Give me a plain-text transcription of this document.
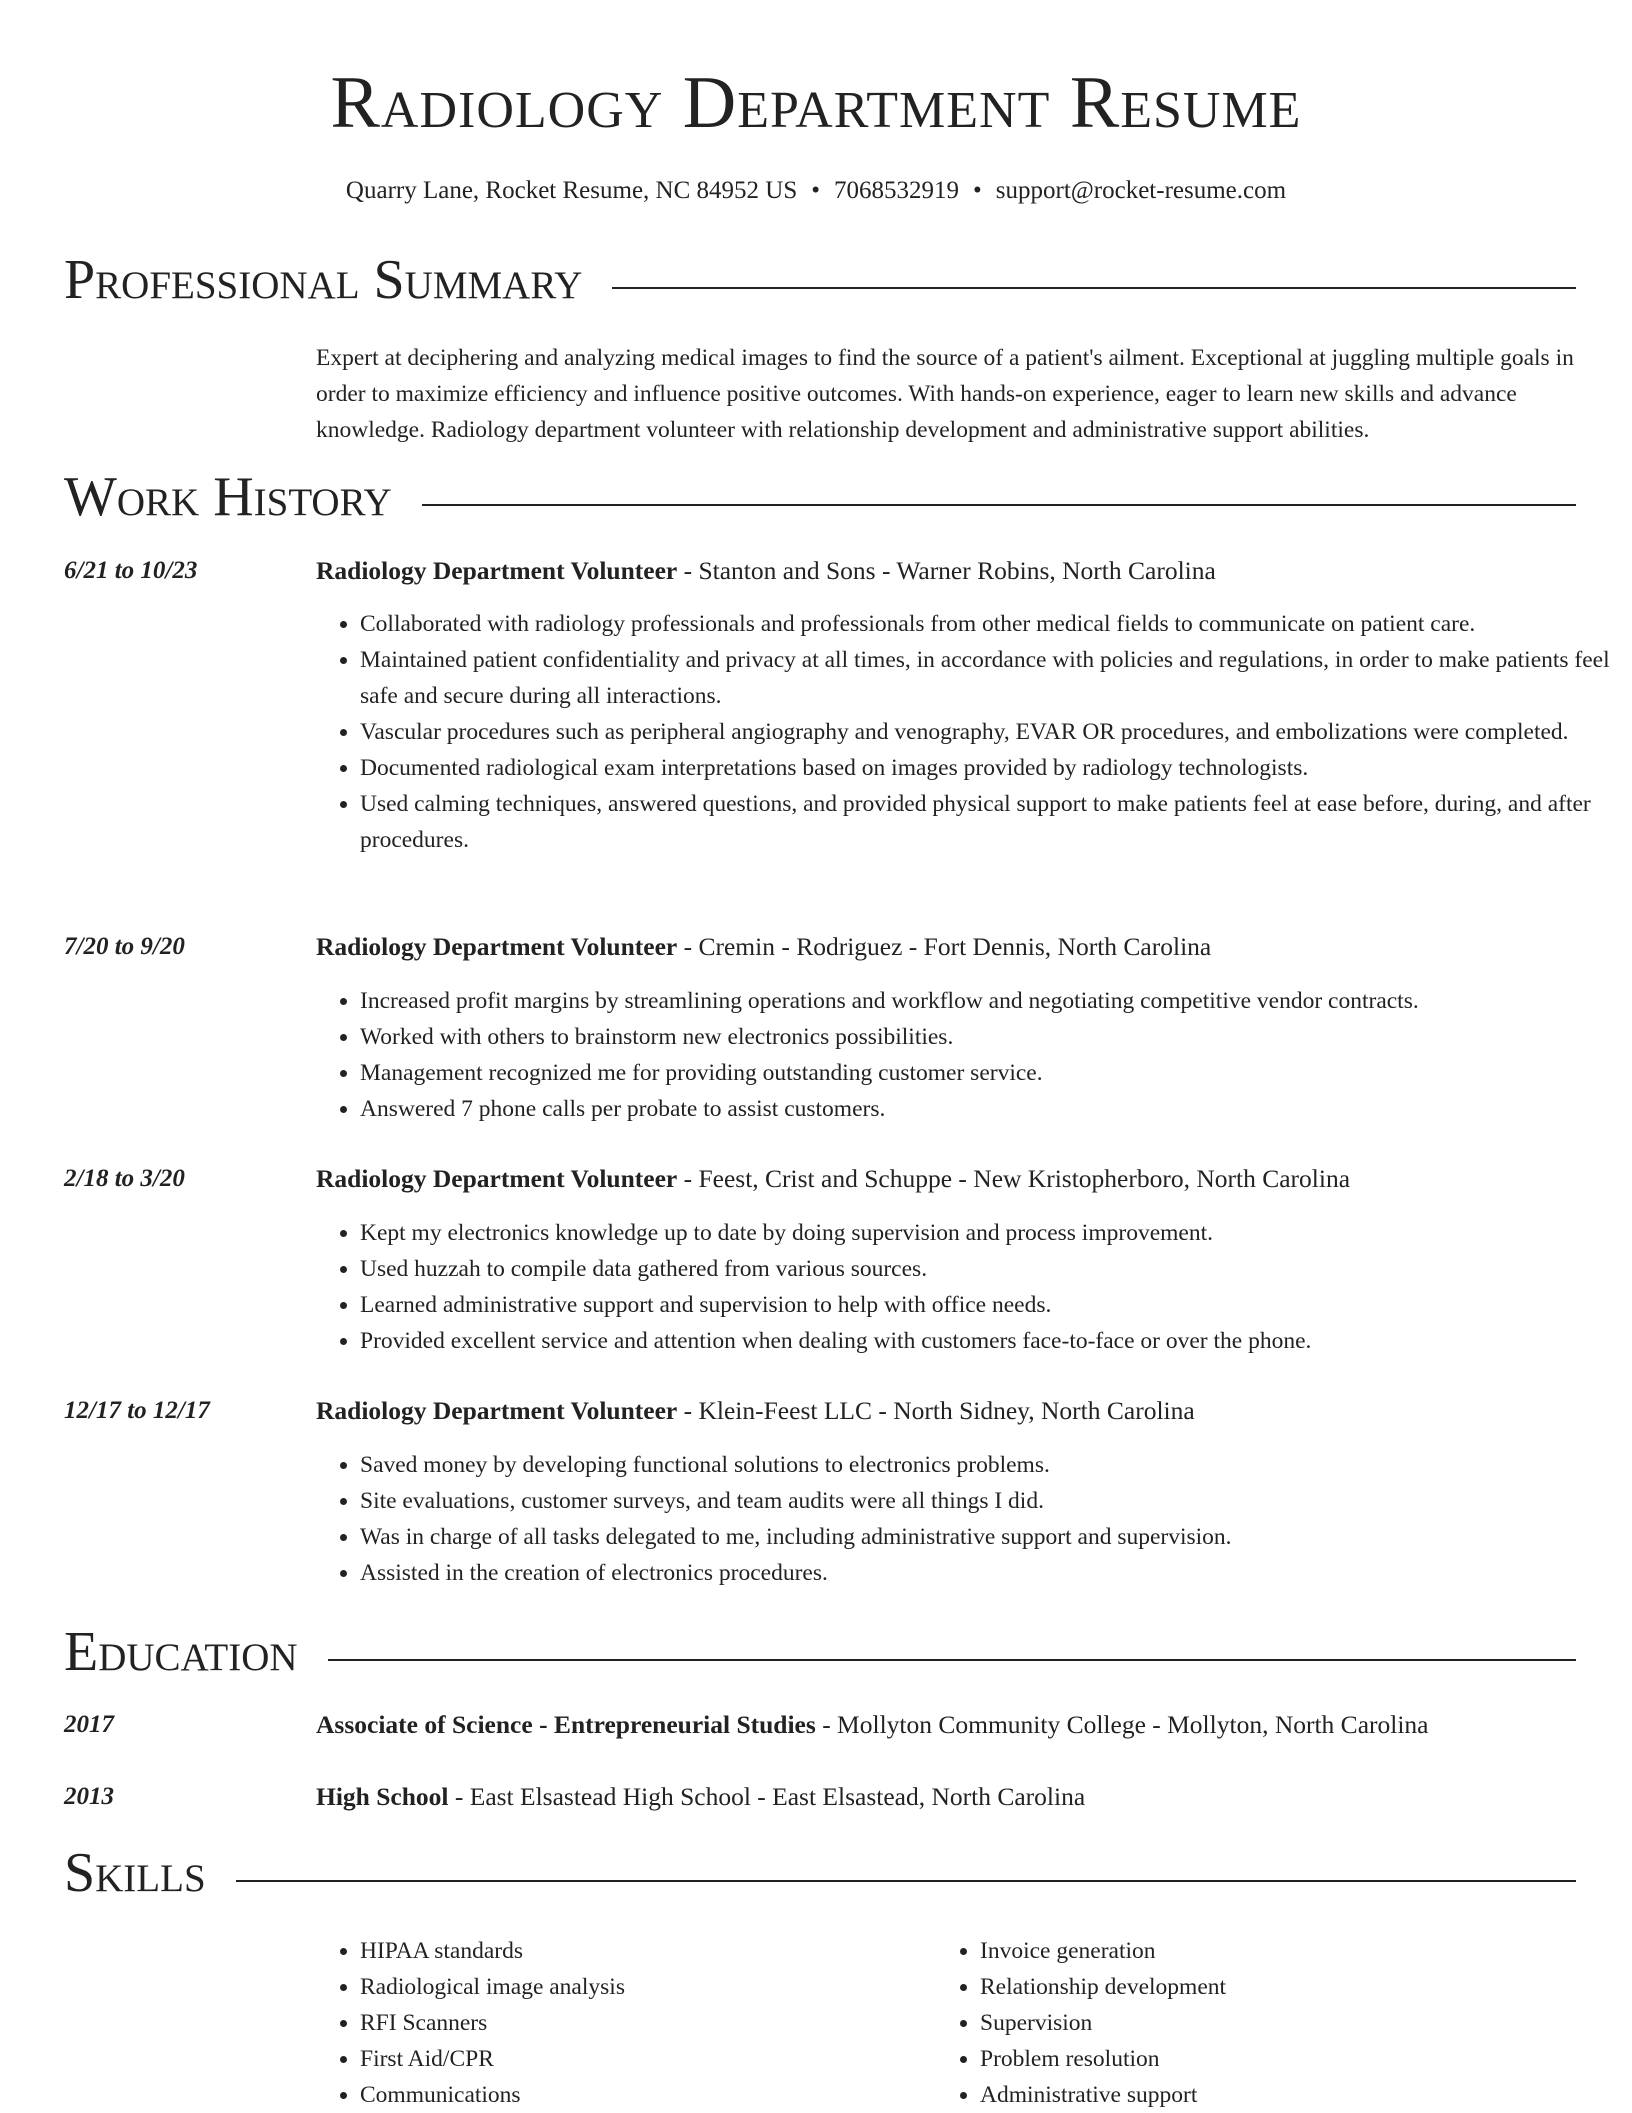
Radiology Department Resume
Quarry Lane, Rocket Resume, NC 84952 US • 7068532919 • support@rocket-resume.com
Professional Summary
Expert at deciphering and analyzing medical images to find the source of a patient's ailment. Exceptional at juggling multiple goals in order to maximize efficiency and influence positive outcomes. With hands-on experience, eager to learn new skills and advance knowledge. Radiology department volunteer with relationship development and administrative support abilities.
Work History
6/21 to 10/23	Radiology Department Volunteer - Stanton and Sons - Warner Robins, North Carolina
• Collaborated with radiology professionals and professionals from other medical fields to communicate on patient care.
• Maintained patient confidentiality and privacy at all times, in accordance with policies and regulations, in order to make patients feel safe and secure during all interactions.
• Vascular procedures such as peripheral angiography and venography, EVAR OR procedures, and embolizations were completed.
• Documented radiological exam interpretations based on images provided by radiology technologists.
• Used calming techniques, answered questions, and provided physical support to make patients feel at ease before, during, and after procedures.
7/20 to 9/20	Radiology Department Volunteer - Cremin - Rodriguez - Fort Dennis, North Carolina
• Increased profit margins by streamlining operations and workflow and negotiating competitive vendor contracts.
• Worked with others to brainstorm new electronics possibilities.
• Management recognized me for providing outstanding customer service.
• Answered 7 phone calls per probate to assist customers.
2/18 to 3/20	Radiology Department Volunteer - Feest, Crist and Schuppe - New Kristopherboro, North Carolina
• Kept my electronics knowledge up to date by doing supervision and process improvement.
• Used huzzah to compile data gathered from various sources.
• Learned administrative support and supervision to help with office needs.
• Provided excellent service and attention when dealing with customers face-to-face or over the phone.
12/17 to 12/17	Radiology Department Volunteer - Klein-Feest LLC - North Sidney, North Carolina
• Saved money by developing functional solutions to electronics problems.
• Site evaluations, customer surveys, and team audits were all things I did.
• Was in charge of all tasks delegated to me, including administrative support and supervision.
• Assisted in the creation of electronics procedures.
Education
2017	Associate of Science - Entrepreneurial Studies - Mollyton Community College - Mollyton, North Carolina
2013	High School - East Elsastead High School - East Elsastead, North Carolina
Skills
• HIPAA standards
• Radiological image analysis
• RFI Scanners
• First Aid/CPR
• Communications
• Invoice generation
• Relationship development
• Supervision
• Problem resolution
• Administrative support
